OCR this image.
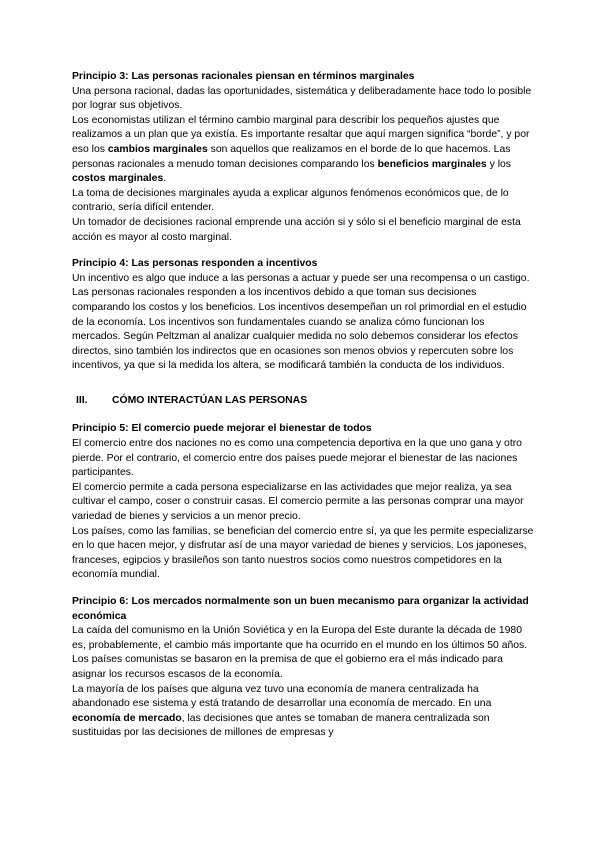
Principio 3: Las personas racionales piensan en términos marginales

Una persona racional, dadas las oportunidades, sistemática y deliberadamente hace todo lo posible por lograr sus objetivos.

Los economistas utilizan el término cambio marginal para describir los pequeños ajustes que realizamos a un plan que ya existía. Es importante resaltar que aquí margen significa “borde”, y por eso los cambios marginales son aquellos que realizamos en el borde de lo que hacemos. Las personas racionales a menudo toman decisiones comparando los beneficios marginales y los costos marginales.

La toma de decisiones marginales ayuda a explicar algunos fenómenos económicos que, de lo contrario, sería difícil entender.

Un tomador de decisiones racional emprende una acción si y sólo si el beneficio marginal de esta acción es mayor al costo marginal.

Principio 4: Las personas responden a incentivos

Un incentivo es algo que induce a las personas a actuar y puede ser una recompensa o un castigo. Las personas racionales responden a los incentivos debido a que toman sus decisiones comparando los costos y los beneficios. Los incentivos desempeñan un rol primordial en el estudio de la economía. Los incentivos son fundamentales cuando se analiza cómo funcionan los mercados. Según Peltzman al analizar cualquier medida no solo debemos considerar los efectos directos, sino también los indirectos que en ocasiones son menos obvios y repercuten sobre los incentivos, ya que si la medida los altera, se modificará también la conducta de los individuos.

III.	CÓMO INTERACTÚAN LAS PERSONAS

Principio 5: El comercio puede mejorar el bienestar de todos

El comercio entre dos naciones no es como una competencia deportiva en la que uno gana y otro pierde. Por el contrario, el comercio entre dos países puede mejorar el bienestar de las naciones participantes.

El comercio permite a cada persona especializarse en las actividades que mejor realiza, ya sea cultivar el campo, coser o construir casas. El comercio permite a las personas comprar una mayor variedad de bienes y servicios a un menor precio.

Los países, como las familias, se benefician del comercio entre sí, ya que les permite especializarse en lo que hacen mejor, y disfrutar así de una mayor variedad de bienes y servicios. Los japoneses, franceses, egipcios y brasileños son tanto nuestros socios como nuestros competidores en la economía mundial.

Principio 6: Los mercados normalmente son un buen mecanismo para organizar la actividad económica

La caída del comunismo en la Unión Soviética y en la Europa del Este durante la década de 1980 es, probablemente, el cambio más importante que ha ocurrido en el mundo en los últimos 50 años. Los países comunistas se basaron en la premisa de que el gobierno era el más indicado para asignar los recursos escasos de la economía.

La mayoría de los países que alguna vez tuvo una economía de manera centralizada ha abandonado ese sistema y está tratando de desarrollar una economía de mercado. En una economía de mercado, las decisiones que antes se tomaban de manera centralizada son sustituidas por las decisiones de millones de empresas y
